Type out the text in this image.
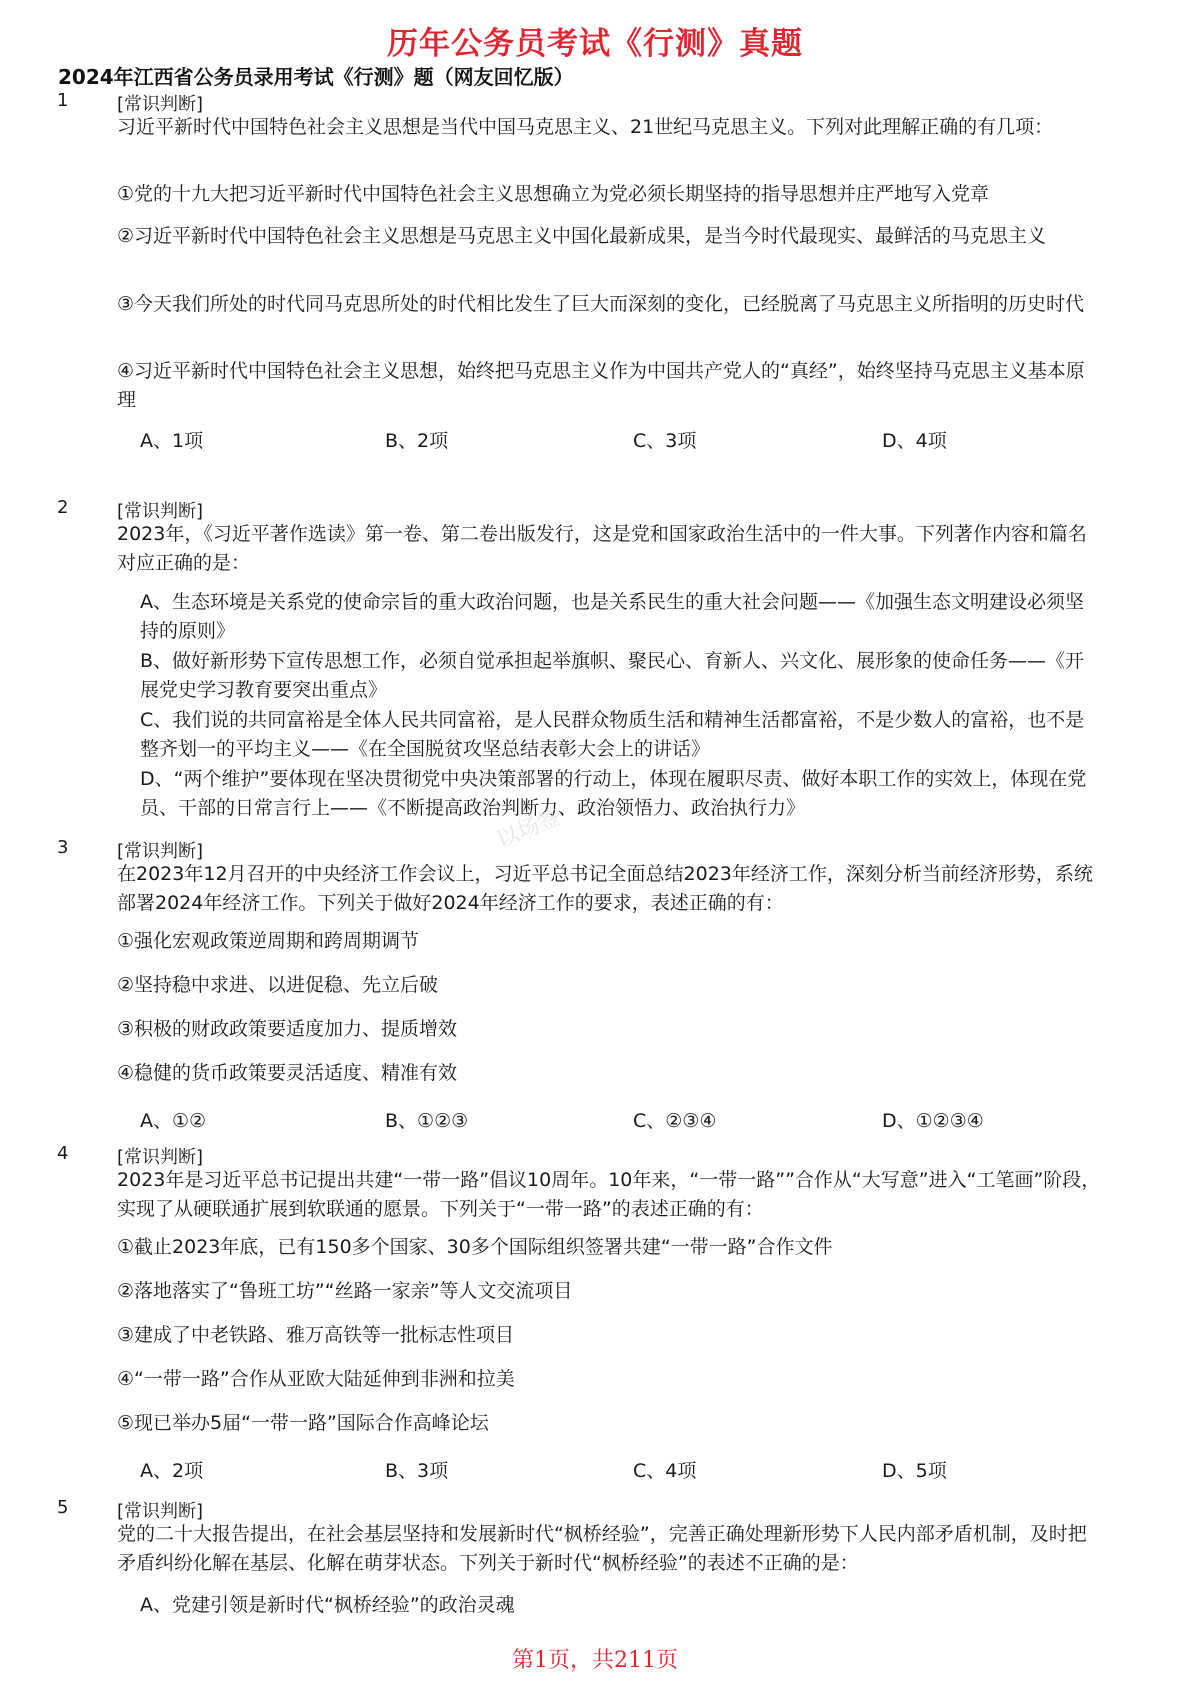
历年公务员考试《行测》真题
2024年江西省公务员录用考试《行测》题（网友回忆版）
1	[常识判断]
习近平新时代中国特色社会主义思想是当代中国马克思主义、21世纪马克思主义。下列对此理解正确的有几项：
①党的十九大把习近平新时代中国特色社会主义思想确立为党必须长期坚持的指导思想并庄严地写入党章
②习近平新时代中国特色社会主义思想是马克思主义中国化最新成果，是当今时代最现实、最鲜活的马克思主义
③今天我们所处的时代同马克思所处的时代相比发生了巨大而深刻的变化，已经脱离了马克思主义所指明的历史时代
④习近平新时代中国特色社会主义思想，始终把马克思主义作为中国共产党人的“真经”，始终坚持马克思主义基本原理
A、1项	B、2项	C、3项	D、4项
2	[常识判断]
2023年，《习近平著作选读》第一卷、第二卷出版发行，这是党和国家政治生活中的一件大事。下列著作内容和篇名对应正确的是：
A、生态环境是关系党的使命宗旨的重大政治问题，也是关系民生的重大社会问题——《加强生态文明建设必须坚持的原则》
B、做好新形势下宣传思想工作，必须自觉承担起举旗帜、聚民心、育新人、兴文化、展形象的使命任务——《开展党史学习教育要突出重点》
C、我们说的共同富裕是全体人民共同富裕，是人民群众物质生活和精神生活都富裕，不是少数人的富裕，也不是整齐划一的平均主义——《在全国脱贫攻坚总结表彰大会上的讲话》
D、“两个维护”要体现在坚决贯彻党中央决策部署的行动上，体现在履职尽责、做好本职工作的实效上，体现在党员、干部的日常言行上——《不断提高政治判断力、政治领悟力、政治执行力》
3	[常识判断]
在2023年12月召开的中央经济工作会议上，习近平总书记全面总结2023年经济工作，深刻分析当前经济形势，系统部署2024年经济工作。下列关于做好2024年经济工作的要求，表述正确的有：
①强化宏观政策逆周期和跨周期调节
②坚持稳中求进、以进促稳、先立后破
③积极的财政政策要适度加力、提质增效
④稳健的货币政策要灵活适度、精准有效
A、①②	B、①②③	C、②③④	D、①②③④
4	[常识判断]
2023年是习近平总书记提出共建“一带一路”倡议10周年。10年来，“一带一路””合作从“大写意”进入“工笔画”阶段，实现了从硬联通扩展到软联通的愿景。下列关于“一带一路”的表述正确的有：
①截止2023年底，已有150多个国家、30多个国际组织签署共建“一带一路”合作文件
②落地落实了“鲁班工坊”“丝路一家亲”等人文交流项目
③建成了中老铁路、雅万高铁等一批标志性项目
④“一带一路”合作从亚欧大陆延伸到非洲和拉美
⑤现已举办5届“一带一路”国际合作高峰论坛
A、2项	B、3项	C、4项	D、5项
5	[常识判断]
党的二十大报告提出，在社会基层坚持和发展新时代“枫桥经验”，完善正确处理新形势下人民内部矛盾机制，及时把矛盾纠纷化解在基层、化解在萌芽状态。下列关于新时代“枫桥经验”的表述不正确的是：
A、党建引领是新时代“枫桥经验”的政治灵魂
以场签
第1页，共211页
